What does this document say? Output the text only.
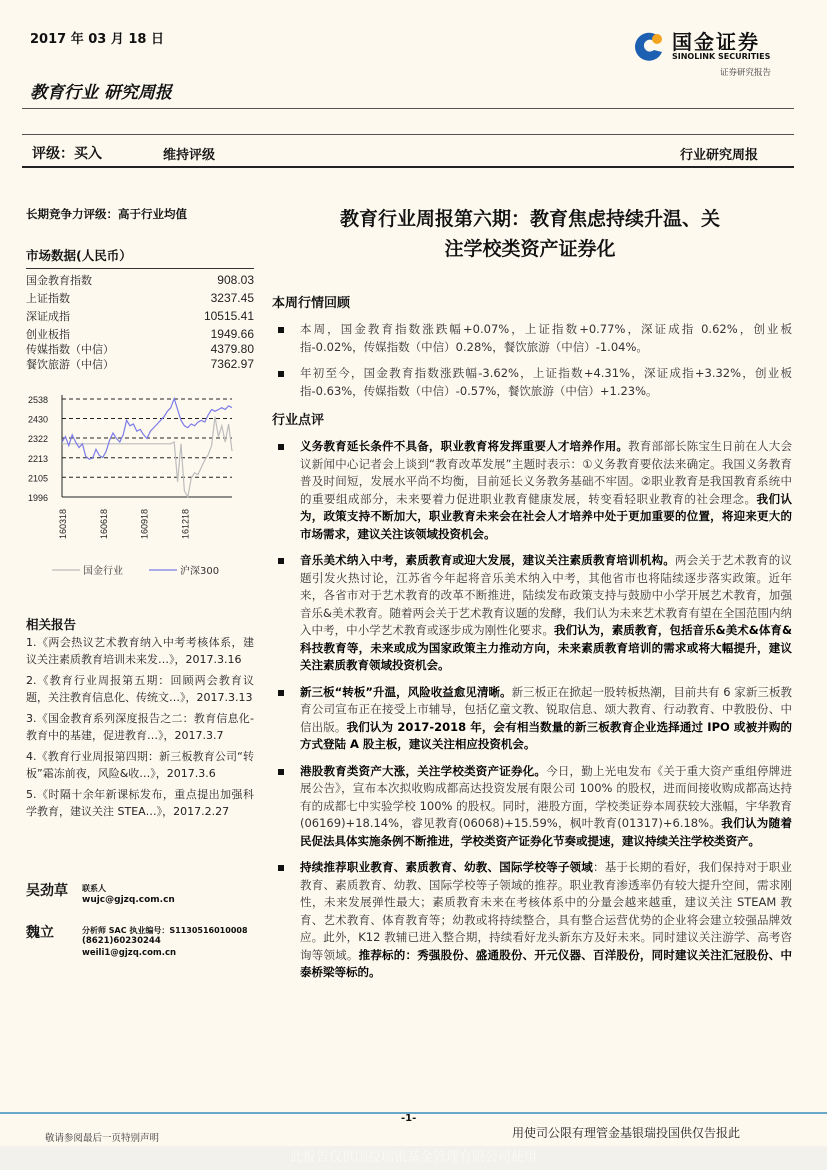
2017 年 03 月 18 日
教育行业 研究周报
国金证券
SINOLINK SECURITIES
证券研究报告
评级：买入	维持评级	行业研究周报
长期竞争力评级：高于行业均值
市场数据(人民币）
国金教育指数	908.03
上证指数	3237.45
深证成指	10515.41
创业板指	1949.66
传媒指数（中信）	4379.80
餐饮旅游（中信）	7362.97
2538
2430
2322
2213
2105
1996
160318	160618	160918	161218
国金行业	沪深300
相关报告
1.《两会热议艺术教育纳入中考考核体系，建议关注素质教育培训未来发…》，2017.3.16
2.《教育行业周报第五期：回顾两会教育议题，关注教育信息化、传统文…》，2017.3.13
3.《国金教育系列深度报告之二：教育信息化-教育中的基建，促进教育…》，2017.3.7
4.《教育行业周报第四期：新三板教育公司“转板”霜冻前夜，风险&收…》，2017.3.6
5.《时隔十余年新课标发布，重点提出加强科学教育，建议关注 STEA…》，2017.2.27
吴劲草 联系人
wujc@gjzq.com.cn
魏立	分析师 SAC 执业编号：S1130516010008
(8621)60230244
weili1@gjzq.com.cn
教育行业周报第六期：教育焦虑持续升温、关
注学校类资产证券化
本周行情回顾
本周，国金教育指数涨跌幅+0.07%，上证指数+0.77%，深证成指 0.62%，创业板指-0.02%，传媒指数（中信）0.28%，餐饮旅游（中信）-1.04%。
年初至今，国金教育指数涨跌幅-3.62%，上证指数+4.31%，深证成指+3.32%，创业板指-0.63%，传媒指数（中信）-0.57%，餐饮旅游（中信）+1.23%。
行业点评
义务教育延长条件不具备，职业教育将发挥重要人才培养作用。教育部部长陈宝生日前在人大会议新闻中心记者会上谈到“教育改革发展”主题时表示：①义务教育要依法来确定。我国义务教育普及时间短，发展水平尚不均衡，目前延长义务教务基础不牢固。②职业教育是我国教育系统中的重要组成部分，未来要着力促进职业教育健康发展，转变看轻职业教育的社会理念。我们认为，政策支持不断加大，职业教育未来会在社会人才培养中处于更加重要的位置，将迎来更大的市场需求，建议关注该领域投资机会。
音乐美术纳入中考，素质教育或迎大发展，建议关注素质教育培训机构。两会关于艺术教育的议题引发火热讨论，江苏省今年起将音乐美术纳入中考，其他省市也将陆续逐步落实政策。近年来，各省市对于艺术教育的改革不断推进，陆续发布政策支持与鼓励中小学开展艺术教育，加强音乐&美术教育。随着两会关于艺术教育议题的发酵，我们认为未来艺术教育有望在全国范围内纳入中考，中小学艺术教育或逐步成为刚性化要求。我们认为，素质教育，包括音乐&美术&体育&科技教育等，未来或成为国家政策主力推动方向，未来素质教育培训的需求或将大幅提升，建议关注素质教育领域投资机会。
新三板“转板”升温，风险收益愈见清晰。新三板正在掀起一股转板热潮，目前共有 6 家新三板教育公司宣布正在接受上市辅导，包括亿童文教、锐取信息、颂大教育、行动教育、中教股份、中信出版。我们认为 2017-2018 年，会有相当数量的新三板教育企业选择通过 IPO 或被并购的方式登陆 A 股主板，建议关注相应投资机会。
港股教育类资产大涨，关注学校类资产证券化。今日，勤上光电发布《关于重大资产重组停牌进展公告》，宣布本次拟收购成都高达投资发展有限公司 100% 的股权，进而间接收购成都高达持有的成都七中实验学校 100% 的股权。同时，港股方面，学校类证券本周获较大涨幅，宇华教育(06169)+18.14%，睿见教育(06068)+15.59%，枫叶教育(01317)+6.18%。我们认为随着民促法具体实施条例不断推进，学校类资产证券化节奏或提速，建议持续关注学校类资产。
持续推荐职业教育、素质教育、幼教、国际学校等子领域：基于长期的看好，我们保持对于职业教育、素质教育、幼教、国际学校等子领域的推荐。职业教育渗透率仍有较大提升空间，需求刚性，未来发展弹性最大；素质教育未来在考核体系中的分量会越来越重，建议关注 STEAM 教育、艺术教育、体育教育等；幼教或将持续整合，具有整合运营优势的企业将会建立较强品牌效应。此外，K12 教辅已进入整合期，持续看好龙头新东方及好未来。同时建议关注游学、高考咨询等领域。推荐标的：秀强股份、盛通股份、开元仪器、百洋股份，同时建议关注汇冠股份、中泰桥梁等标的。
-1-
敬请参阅最后一页特别声明	用使司公限有理管金基银瑞投国供仅告报此
此报告仅供国投瑞银基金管理有限公司使用
